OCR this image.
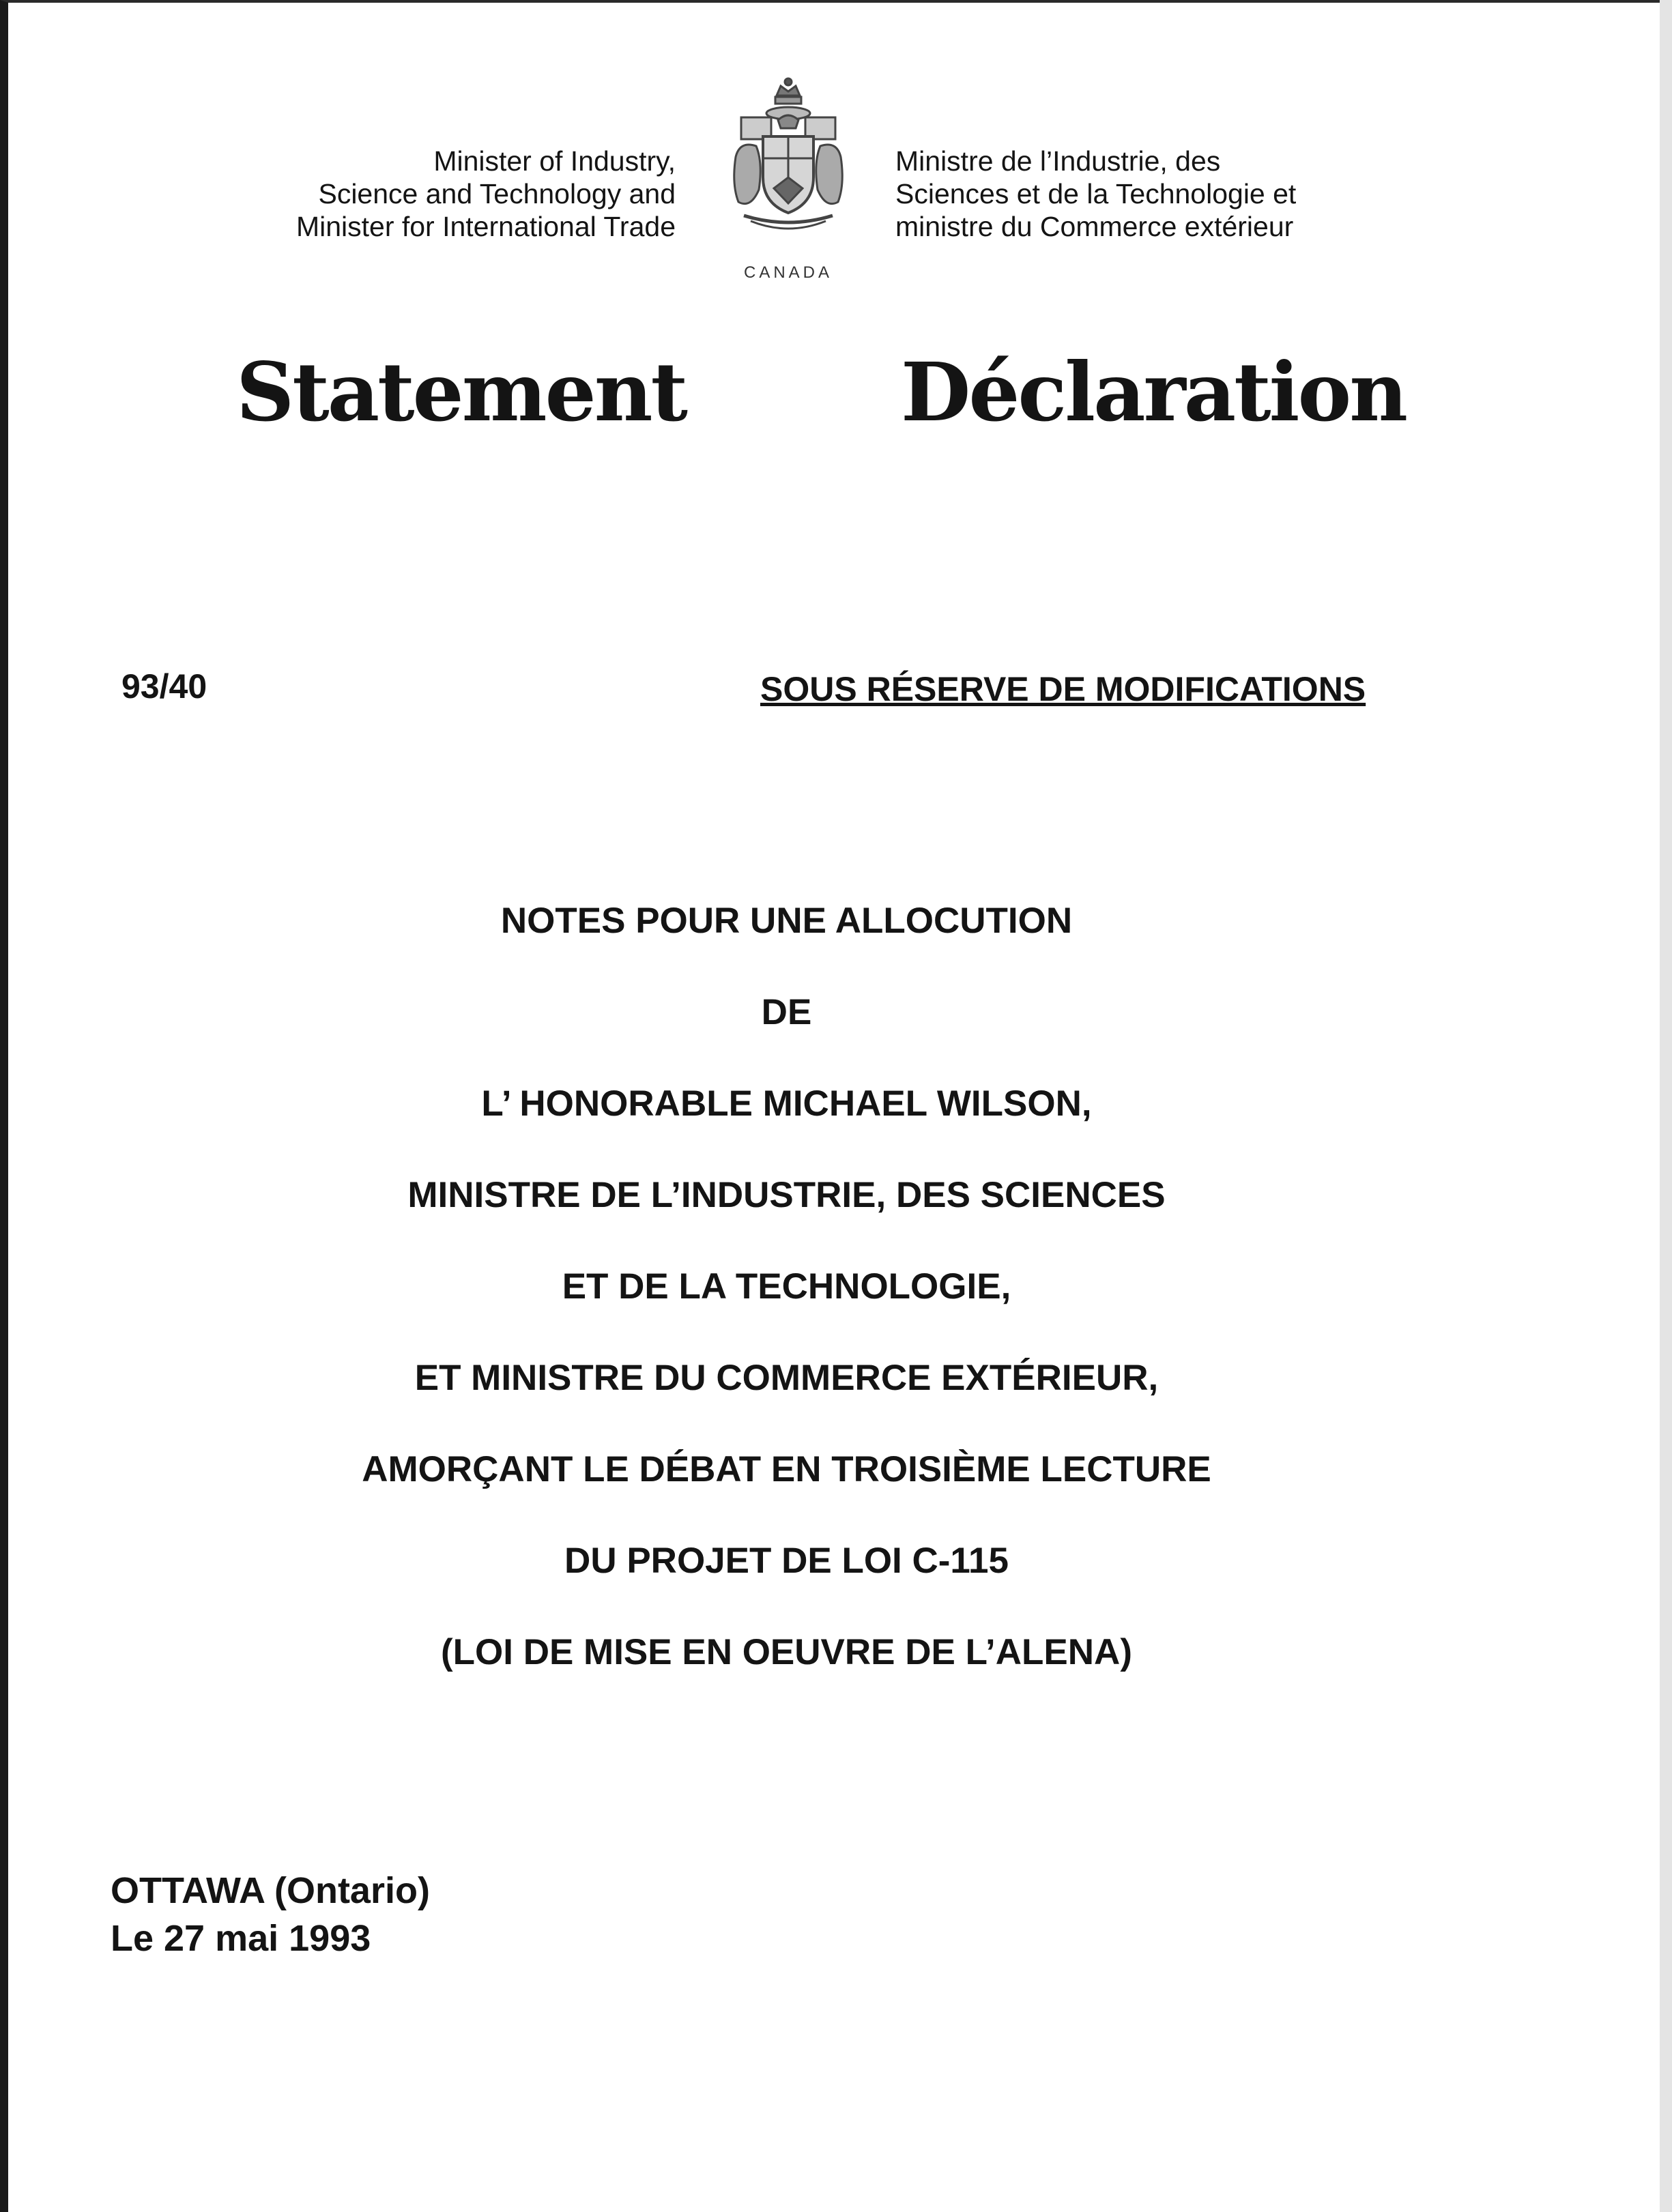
Minister of Industry,
Science and Technology and
Minister for International Trade
CANADA
Ministre de l’Industrie, des
Sciences et de la Technologie et
ministre du Commerce extérieur
Statement	Déclaration
93/40	SOUS RÉSERVE DE MODIFICATIONS
NOTES POUR UNE ALLOCUTION
DE
L’ HONORABLE MICHAEL WILSON,
MINISTRE DE L’INDUSTRIE, DES SCIENCES
ET DE LA TECHNOLOGIE,
ET MINISTRE DU COMMERCE EXTÉRIEUR,
AMORÇANT LE DÉBAT EN TROISIÈME LECTURE
DU PROJET DE LOI C-115
(LOI DE MISE EN OEUVRE DE L’ALENA)
OTTAWA (Ontario)
Le 27 mai 1993
